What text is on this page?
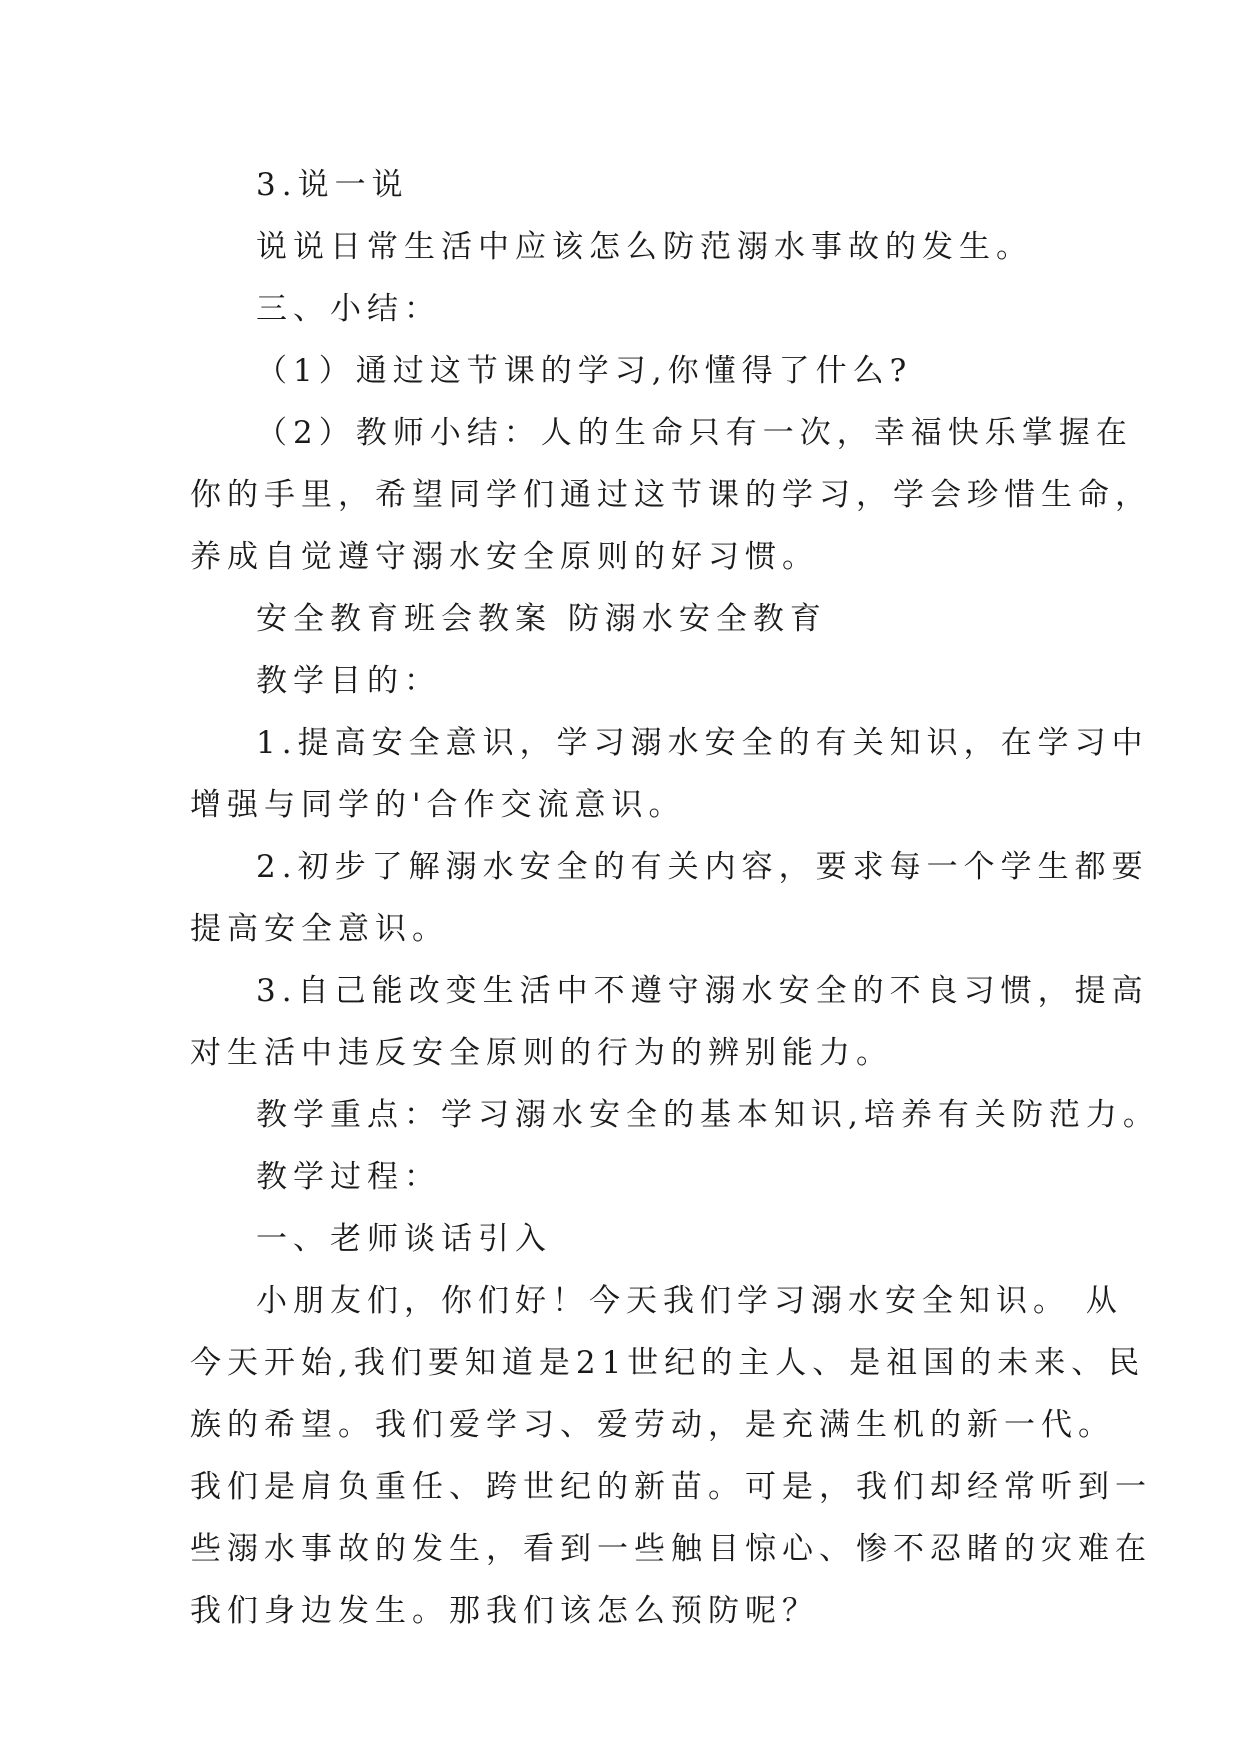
3.说一说
说说日常生活中应该怎么防范溺水事故的发生。
三、小结：
（1）通过这节课的学习,你懂得了什么?
（2）教师小结：人的生命只有一次，幸福快乐掌握在
你的手里，希望同学们通过这节课的学习，学会珍惜生命，
养成自觉遵守溺水安全原则的好习惯。
安全教育班会教案 防溺水安全教育
教学目的：
1.提高安全意识，学习溺水安全的有关知识，在学习中
增强与同学的'合作交流意识。
2.初步了解溺水安全的有关内容，要求每一个学生都要
提高安全意识。
3.自己能改变生活中不遵守溺水安全的不良习惯，提高
对生活中违反安全原则的行为的辨别能力。
教学重点：学习溺水安全的基本知识,培养有关防范力。
教学过程：
一、老师谈话引入
小朋友们，你们好！今天我们学习溺水安全知识。 从
今天开始,我们要知道是21世纪的主人、是祖国的未来、民
族的希望。我们爱学习、爱劳动，是充满生机的新一代。
我们是肩负重任、跨世纪的新苗。可是，我们却经常听到一
些溺水事故的发生，看到一些触目惊心、惨不忍睹的灾难在
我们身边发生。那我们该怎么预防呢？
